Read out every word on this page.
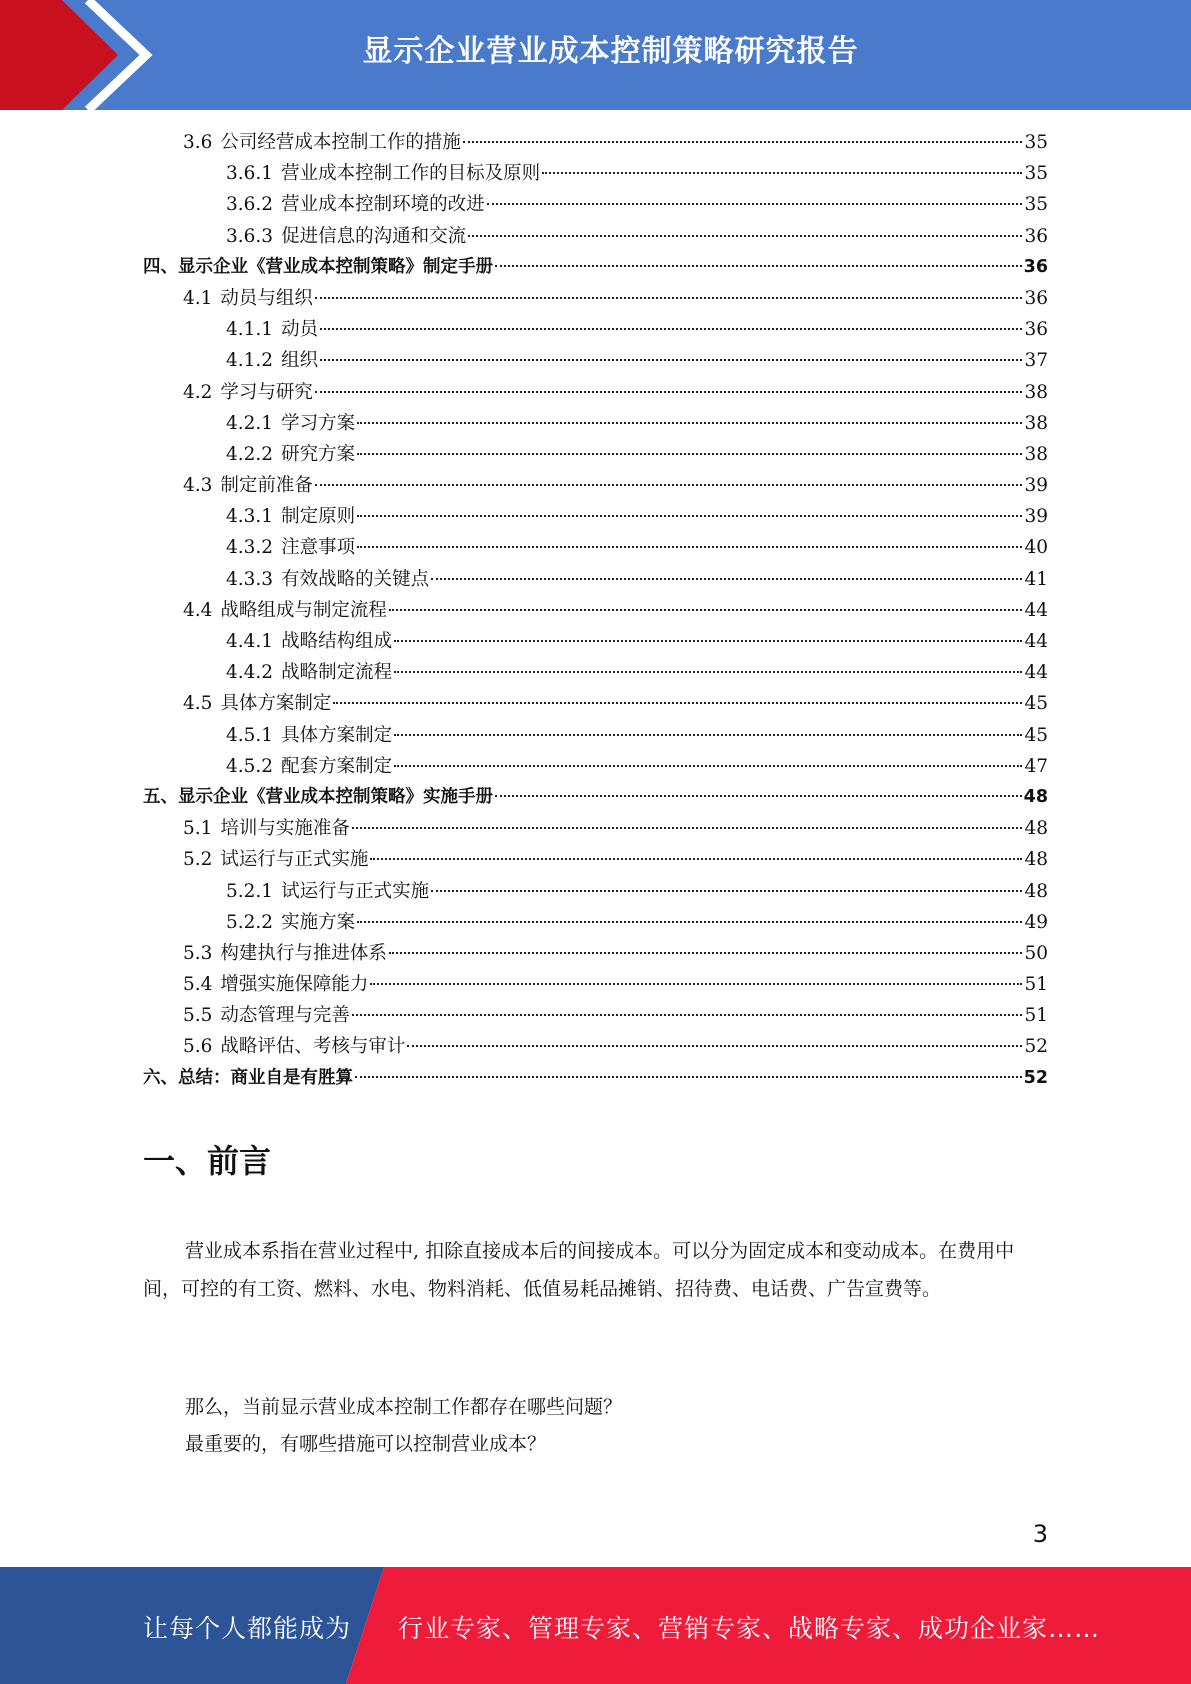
显示企业营业成本控制策略研究报告
3.6 公司经营成本控制工作的措施	35
3.6.1 营业成本控制工作的目标及原则	35
3.6.2 营业成本控制环境的改进	35
3.6.3 促进信息的沟通和交流	36
四、显示企业《营业成本控制策略》制定手册	36
4.1 动员与组织	36
4.1.1 动员	36
4.1.2 组织	37
4.2 学习与研究	38
4.2.1 学习方案	38
4.2.2 研究方案	38
4.3 制定前准备	39
4.3.1 制定原则	39
4.3.2 注意事项	40
4.3.3 有效战略的关键点	41
4.4 战略组成与制定流程	44
4.4.1 战略结构组成	44
4.4.2 战略制定流程	44
4.5 具体方案制定	45
4.5.1 具体方案制定	45
4.5.2 配套方案制定	47
五、显示企业《营业成本控制策略》实施手册	48
5.1 培训与实施准备	48
5.2 试运行与正式实施	48
5.2.1 试运行与正式实施	48
5.2.2 实施方案	49
5.3 构建执行与推进体系	50
5.4 增强实施保障能力	51
5.5 动态管理与完善	51
5.6 战略评估、考核与审计	52
六、总结：商业自是有胜算	52
一、前言
营业成本系指在营业过程中, 扣除直接成本后的间接成本。可以分为固定成本和变动成本。在费用中间，可控的有工资、燃料、水电、物料消耗、低值易耗品摊销、招待费、电话费、广告宣费等。
那么，当前显示营业成本控制工作都存在哪些问题？
最重要的，有哪些措施可以控制营业成本？
3
让每个人都能成为 行业专家、管理专家、营销专家、战略专家、成功企业家……
